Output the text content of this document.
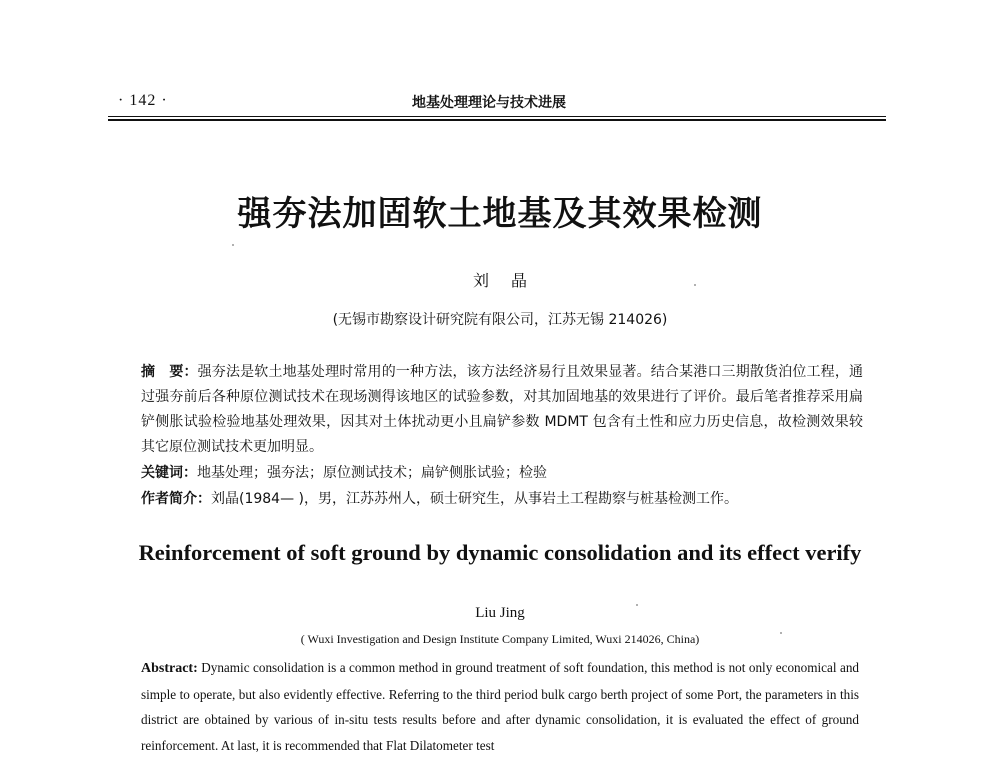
· 142 ·	地基处理理论与技术进展
强夯法加固软土地基及其效果检测
刘晶
(无锡市勘察设计研究院有限公司，江苏无锡 214026)
摘　要：强夯法是软土地基处理时常用的一种方法，该方法经济易行且效果显著。结合某港口三期散货泊位工程，通过强夯前后各种原位测试技术在现场测得该地区的试验参数，对其加固地基的效果进行了评价。最后笔者推荐采用扁铲侧胀试验检验地基处理效果，因其对土体扰动更小且扁铲参数 MDMT 包含有土性和应力历史信息，故检测效果较其它原位测试技术更加明显。
关键词：地基处理；强夯法；原位测试技术；扁铲侧胀试验；检验
作者简介：刘晶(1984— )，男，江苏苏州人，硕士研究生，从事岩土工程勘察与桩基检测工作。
Reinforcement of soft ground by dynamic consolidation and its effect verify
Liu Jing
( Wuxi Investigation and Design Institute Company Limited, Wuxi 214026, China)
Abstract: Dynamic consolidation is a common method in ground treatment of soft foundation, this method is not only economical and simple to operate, but also evidently effective. Referring to the third period bulk cargo berth project of some Port, the parameters in this district are obtained by various of in-situ tests results before and after dynamic consolidation, it is evaluated the effect of ground reinforcement. At last, it is recommended that Flat Dilatometer test
